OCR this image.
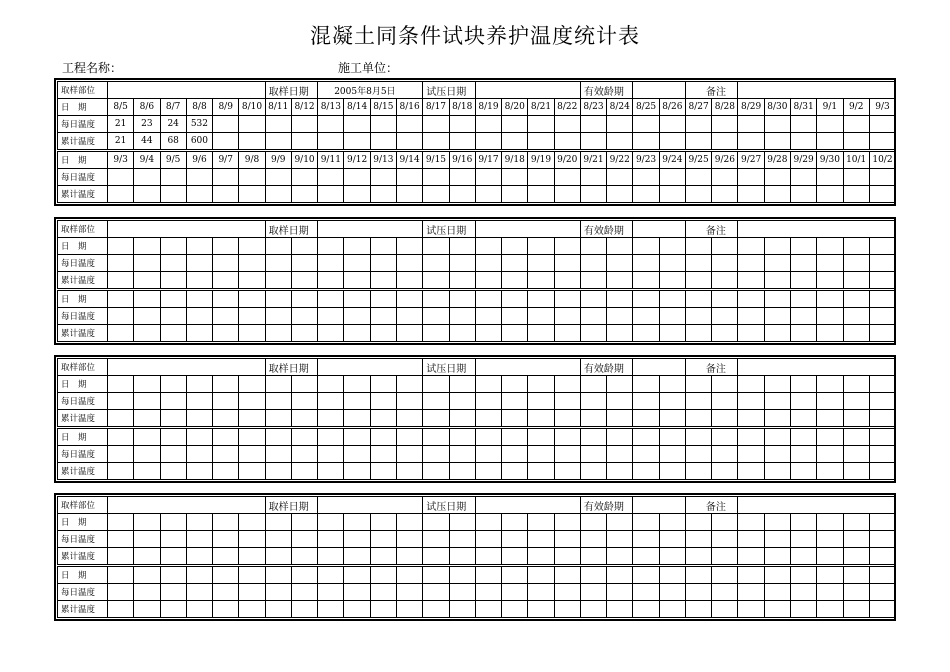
混凝土同条件试块养护温度统计表
工程名称：	施工单位：
取样部位							取样日期		2005年8月5日				试压日期						有效龄期				备注							
日　期	8/5	8/6	8/7	8/8	8/9	8/10	8/11	8/12	8/13	8/14	8/15	8/16	8/17	8/18	8/19	8/20	8/21	8/22	8/23	8/24	8/25	8/26	8/27	8/28	8/29	8/30	8/31	9/1	9/2	9/3
每日温度	21	23	24	532																										
累计温度	21	44	68	600																										
日　期	9/3	9/4	9/5	9/6	9/7	9/8	9/9	9/10	9/11	9/12	9/13	9/14	9/15	9/16	9/17	9/18	9/19	9/20	9/21	9/22	9/23	9/24	9/25	9/26	9/27	9/28	9/29	9/30	10/1	10/2
每日温度																														
累计温度																														
取样部位							取样日期						试压日期						有效龄期				备注							
日　期																														
每日温度																														
累计温度																														
日　期																														
每日温度																														
累计温度																														
取样部位							取样日期						试压日期						有效龄期				备注							
日　期																														
每日温度																														
累计温度																														
日　期																														
每日温度																														
累计温度																														
取样部位							取样日期						试压日期						有效龄期				备注							
日　期																														
每日温度																														
累计温度																														
日　期																														
每日温度																														
累计温度																														
